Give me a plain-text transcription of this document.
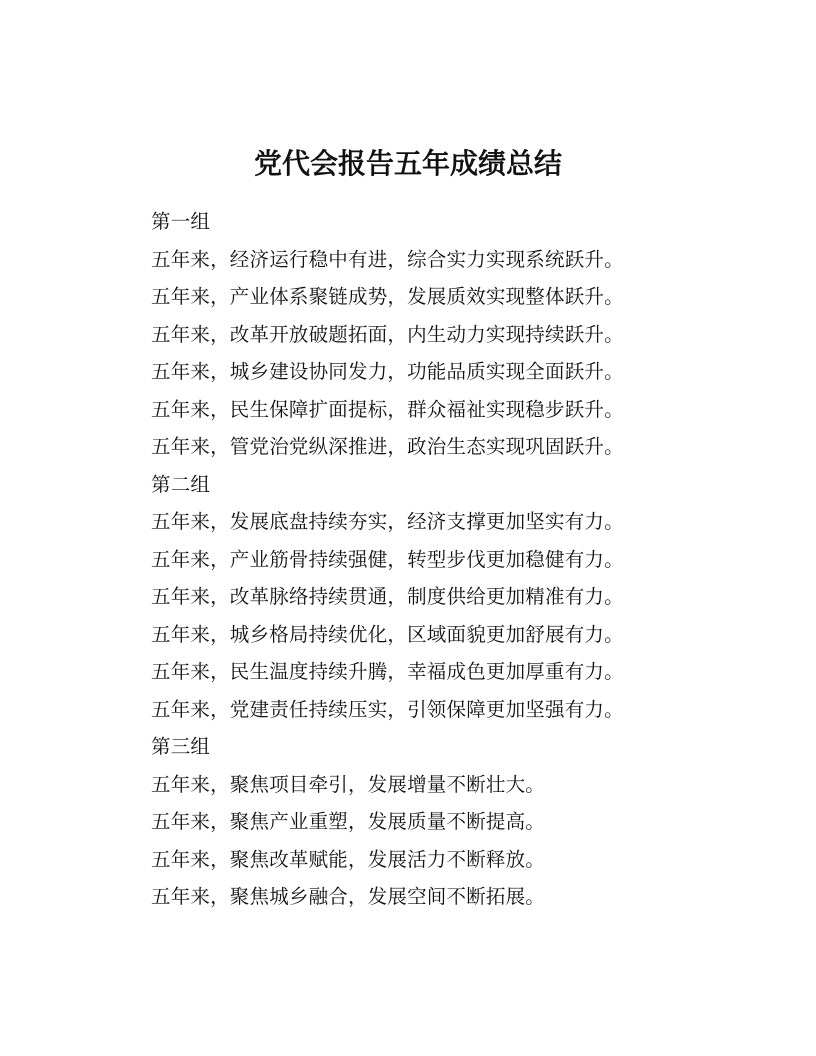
党代会报告五年成绩总结
第一组
五年来，经济运行稳中有进，综合实力实现系统跃升。
五年来，产业体系聚链成势，发展质效实现整体跃升。
五年来，改革开放破题拓面，内生动力实现持续跃升。
五年来，城乡建设协同发力，功能品质实现全面跃升。
五年来，民生保障扩面提标，群众福祉实现稳步跃升。
五年来，管党治党纵深推进，政治生态实现巩固跃升。
第二组
五年来，发展底盘持续夯实，经济支撑更加坚实有力。
五年来，产业筋骨持续强健，转型步伐更加稳健有力。
五年来，改革脉络持续贯通，制度供给更加精准有力。
五年来，城乡格局持续优化，区域面貌更加舒展有力。
五年来，民生温度持续升腾，幸福成色更加厚重有力。
五年来，党建责任持续压实，引领保障更加坚强有力。
第三组
五年来，聚焦项目牵引，发展增量不断壮大。
五年来，聚焦产业重塑，发展质量不断提高。
五年来，聚焦改革赋能，发展活力不断释放。
五年来，聚焦城乡融合，发展空间不断拓展。
